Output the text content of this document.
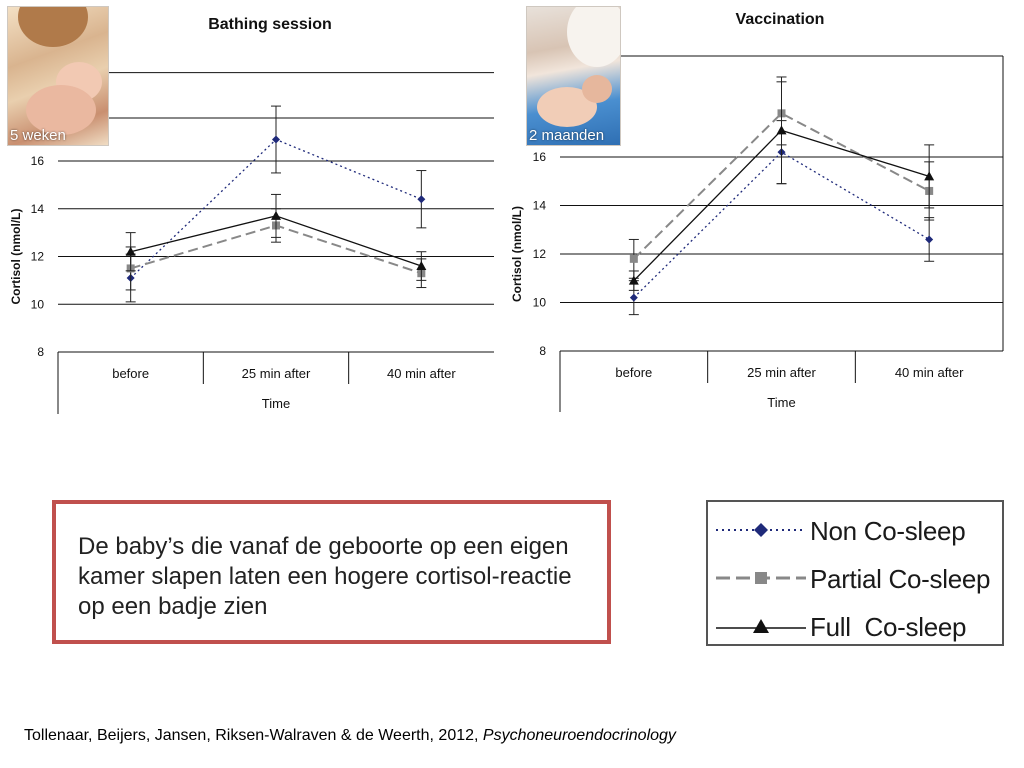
Bathing session
8
10
12
14
16
Cortisol (nmol/L)
before	25 min after	40 min after
Time
Vaccination
8
10
12
14
16
Cortisol (nmol/L)
before	25 min after	40 min after
Time
5 weken	2 maanden
De baby’s die vanaf de geboorte op een eigen kamer slapen laten een hogere cortisol-reactie op een badje zien
Non Co-sleep
Partial Co-sleep
Full  Co-sleep
Tollenaar, Beijers, Jansen, Riksen-Walraven & de Weerth, 2012, Psychoneuroendocrinology
